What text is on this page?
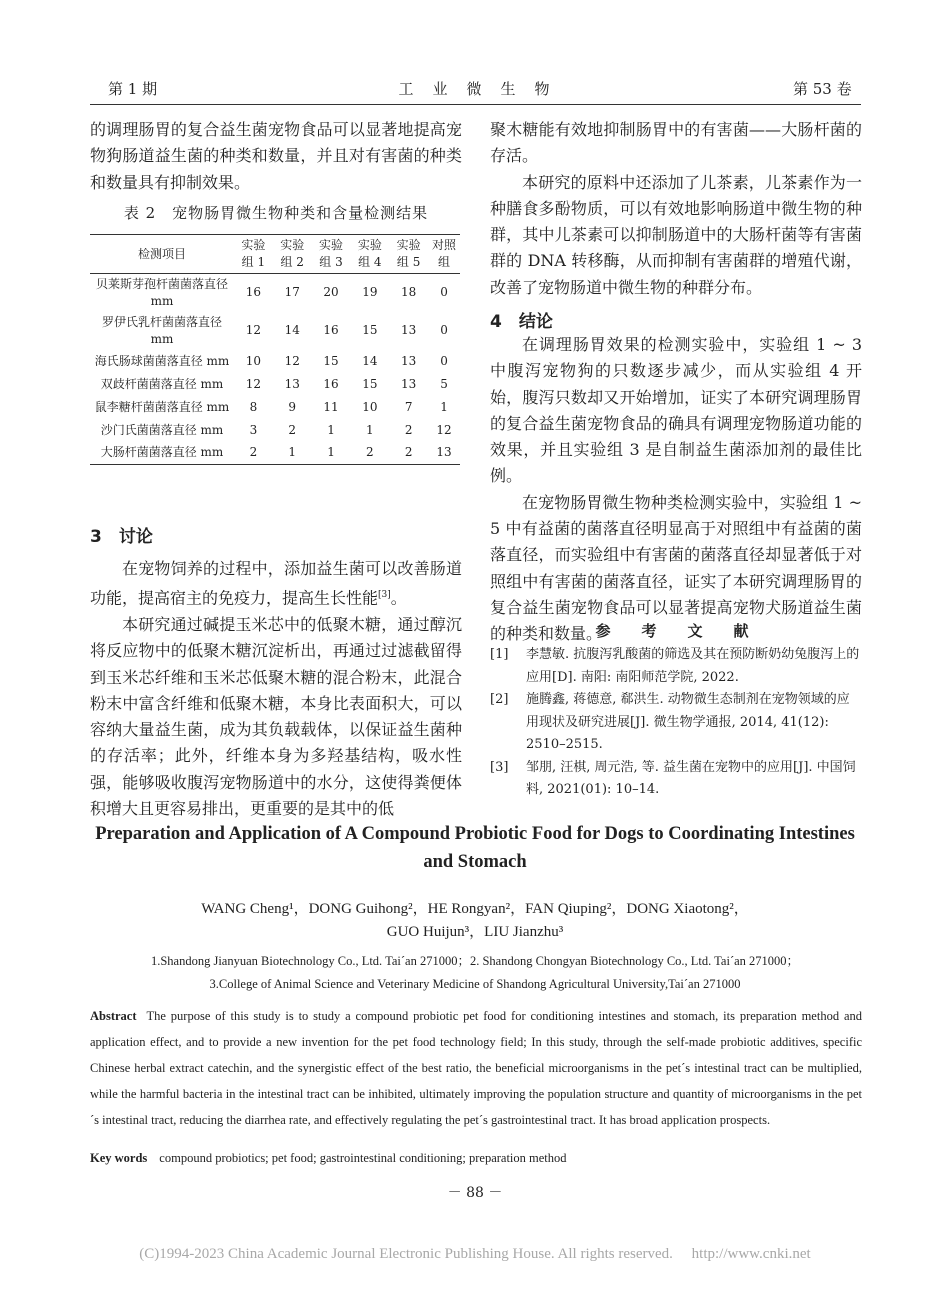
第 1 期	工　业　微　生　物	第 53 卷

的调理肠胃的复合益生菌宠物食品可以显著地提高宠物狗肠道益生菌的种类和数量，并且对有害菌的种类和数量具有抑制效果。

表 2　宠物肠胃微生物种类和含量检测结果
检测项目	实验组 1	实验组 2	实验组 3	实验组 4	实验组 5	对照组
贝莱斯芽孢杆菌菌落直径 mm	16	17	20	19	18	0
罗伊氏乳杆菌菌落直径 mm	12	14	16	15	13	0
海氏肠球菌菌落直径 mm	10	12	15	14	13	0
双歧杆菌菌落直径 mm	12	13	16	15	13	5
鼠李糖杆菌菌落直径 mm	8	9	11	10	7	1
沙门氏菌菌落直径 mm	3	2	1	1	2	12
大肠杆菌菌落直径 mm	2	1	1	2	2	13
3　讨论

在宠物饲养的过程中，添加益生菌可以改善肠道功能，提高宿主的免疫力，提高生长性能[3]。

本研究通过碱提玉米芯中的低聚木糖，通过醇沉将反应物中的低聚木糖沉淀析出，再通过过滤截留得到玉米芯纤维和玉米芯低聚木糖的混合粉末，此混合粉末中富含纤维和低聚木糖，本身比表面积大，可以容纳大量益生菌，成为其负载载体，以保证益生菌种的存活率；此外，纤维本身为多羟基结构，吸水性强，能够吸收腹泻宠物肠道中的水分，这使得粪便体积增大且更容易排出，更重要的是其中的低

聚木糖能有效地抑制肠胃中的有害菌——大肠杆菌的存活。

本研究的原料中还添加了儿茶素，儿茶素作为一种膳食多酚物质，可以有效地影响肠道中微生物的种群，其中儿茶素可以抑制肠道中的大肠杆菌等有害菌群的 DNA 转移酶，从而抑制有害菌群的增殖代谢，改善了宠物肠道中微生物的种群分布。

4　结论

在调理肠胃效果的检测实验中，实验组 1 ~ 3 中腹泻宠物狗的只数逐步减少，而从实验组 4 开始，腹泻只数却又开始增加，证实了本研究调理肠胃的复合益生菌宠物食品的确具有调理宠物肠道功能的效果，并且实验组 3 是自制益生菌添加剂的最佳比例。

在宠物肠胃微生物种类检测实验中，实验组 1 ~ 5 中有益菌的菌落直径明显高于对照组中有益菌的菌落直径，而实验组中有害菌的菌落直径却显著低于对照组中有害菌的菌落直径，证实了本研究调理肠胃的复合益生菌宠物食品可以显著提高宠物犬肠道益生菌的种类和数量。

参　考　文　献
[1]	李慧敏. 抗腹泻乳酸菌的筛选及其在预防断奶幼兔腹泻上的应用[D]. 南阳: 南阳师范学院, 2022.
[2]	施腾鑫, 蒋德意, 郗洪生. 动物微生态制剂在宠物领域的应用现状及研究进展[J]. 微生物学通报, 2014, 41(12): 2510–2515.
[3]	邹朋, 汪棋, 周元浩, 等. 益生菌在宠物中的应用[J]. 中国饲料, 2021(01): 10–14.
Preparation and Application of A Compound Probiotic Food for Dogs to Coordinating Intestines and Stomach
WANG Cheng¹，DONG Guihong²，HE Rongyan²，FAN Qiuping²，DONG Xiaotong²，
GUO Huijun³，LIU Jianzhu³
1.Shandong Jianyuan Biotechnology Co., Ltd. Tai´an 271000；2. Shandong Chongyan Biotechnology Co., Ltd. Tai´an 271000；
3.College of Animal Science and Veterinary Medicine of Shandong Agricultural University,Tai´an 271000
Abstract The purpose of this study is to study a compound probiotic pet food for conditioning intestines and stomach, its preparation method and application effect, and to provide a new invention for the pet food technology field; In this study, through the self-made probiotic additives, specific Chinese herbal extract catechin, and the synergistic effect of the best ratio, the beneficial microorganisms in the pet´s intestinal tract can be multiplied, while the harmful bacteria in the intestinal tract can be inhibited, ultimately improving the population structure and quantity of microorganisms in the pet´s intestinal tract, reducing the diarrhea rate, and effectively regulating the pet´s gastrointestinal tract. It has broad application prospects.
Key words compound probiotics; pet food; gastrointestinal conditioning; preparation method
－ 88 －
(C)1994-2023 China Academic Journal Electronic Publishing House. All rights reserved.　 http://www.cnki.net
